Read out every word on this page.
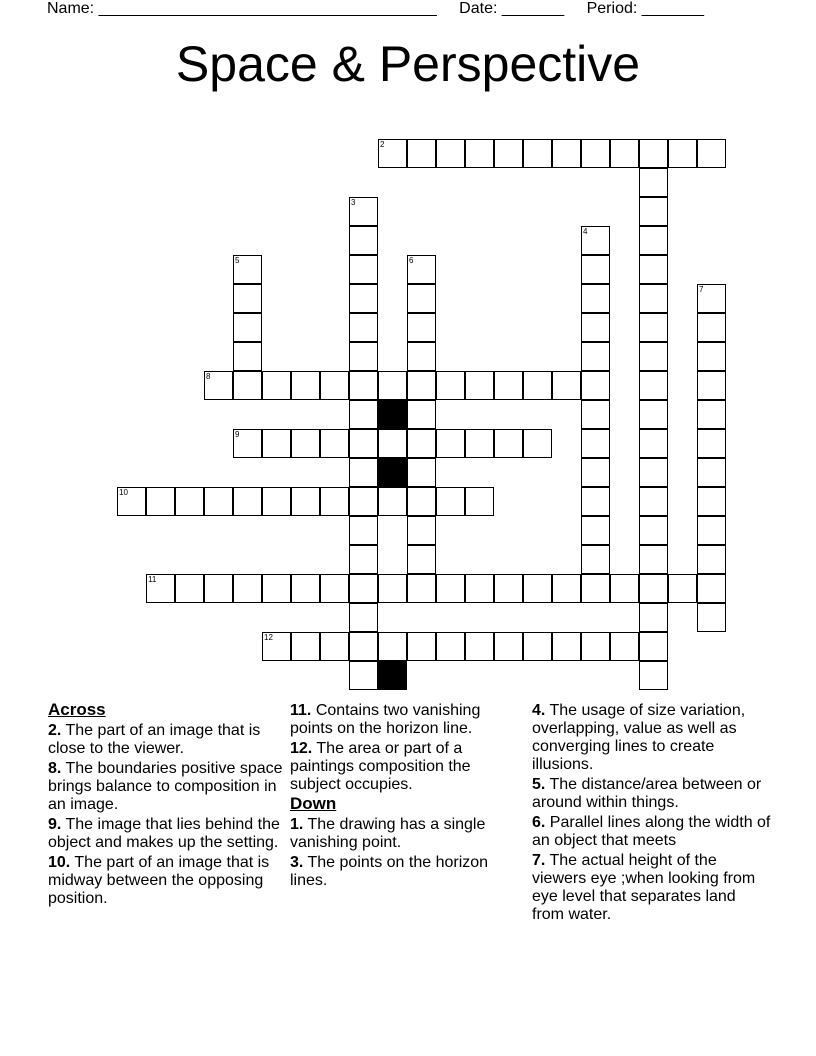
Name: ______________________________________ Date: _______ Period: _______
Space & Perspective
2
3
4
5	6
7
8
9
10
11
12
Across
2. The part of an image that is close to the viewer.
8. The boundaries positive space brings balance to composition in an image.
9. The image that lies behind the object and makes up the setting.
10. The part of an image that is midway between the opposing position.
11. Contains two vanishing points on the horizon line.
12. The area or part of a paintings composition the subject occupies.
Down
1. The drawing has a single vanishing point.
3. The points on the horizon lines.
4. The usage of size variation, overlapping, value as well as converging lines to create illusions.
5. The distance/area between or around within things.
6. Parallel lines along the width of an object that meets
7. The actual height of the viewers eye ;when looking from eye level that separates land from water.
